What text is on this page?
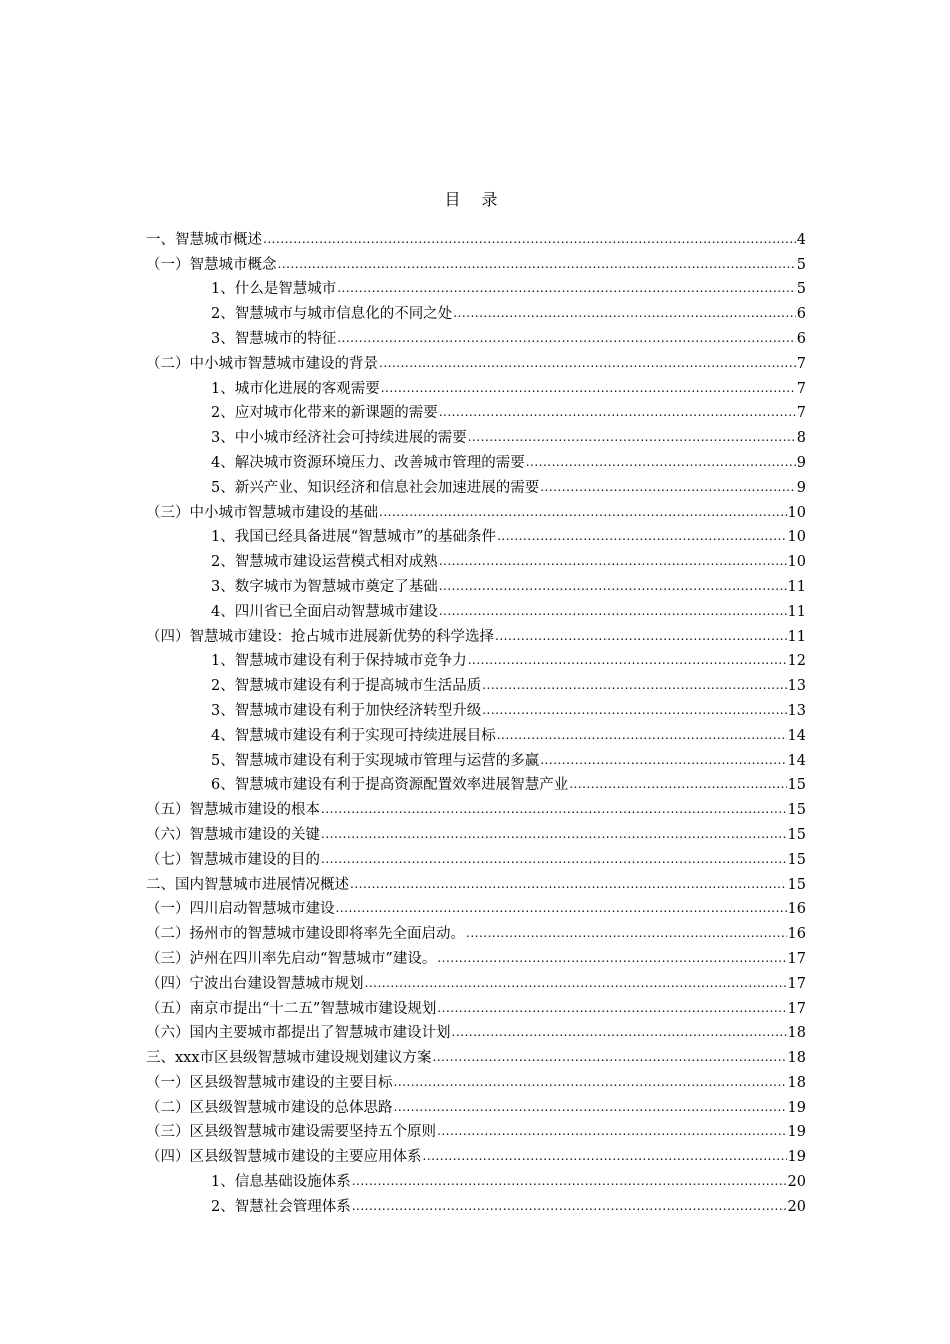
目 录
一、智慧城市概述 .....	4
（一）智慧城市概念 .....	5
1、什么是智慧城市 .....	5
2、智慧城市与城市信息化的不同之处 .....	6
3、智慧城市的特征 .....	6
（二）中小城市智慧城市建设的背景 .....	7
1、城市化进展的客观需要 .....	7
2、应对城市化带来的新课题的需要 .....	7
3、中小城市经济社会可持续进展的需要 .....	8
4、解决城市资源环境压力、改善城市管理的需要 .....	9
5、新兴产业、知识经济和信息社会加速进展的需要 .....	9
（三）中小城市智慧城市建设的基础 .....	10
1、我国已经具备进展“智慧城市”的基础条件 .....	10
2、智慧城市建设运营模式相对成熟 .....	10
3、数字城市为智慧城市奠定了基础 .....	11
4、四川省已全面启动智慧城市建设 .....	11
（四）智慧城市建设：抢占城市进展新优势的科学选择 .....	11
1、智慧城市建设有利于保持城市竞争力 .....	12
2、智慧城市建设有利于提高城市生活品质 .....	13
3、智慧城市建设有利于加快经济转型升级 .....	13
4、智慧城市建设有利于实现可持续进展目标 .....	14
5、智慧城市建设有利于实现城市管理与运营的多赢 .....	14
6、智慧城市建设有利于提高资源配置效率进展智慧产业 .....	15
（五）智慧城市建设的根本 .....	15
（六）智慧城市建设的关键 .....	15
（七）智慧城市建设的目的 .....	15
二、国内智慧城市进展情况概述 .....	15
（一）四川启动智慧城市建设 .....	16
（二）扬州市的智慧城市建设即将率先全面启动。 .....	16
（三）泸州在四川率先启动“智慧城市”建设。 .....	17
（四）宁波出台建设智慧城市规划 .....	17
（五）南京市提出“十二五”智慧城市建设规划 .....	17
（六）国内主要城市都提出了智慧城市建设计划 .....	18
三、xxx市区县级智慧城市建设规划建议方案 .....	18
（一）区县级智慧城市建设的主要目标 .....	18
（二）区县级智慧城市建设的总体思路 .....	19
（三）区县级智慧城市建设需要坚持五个原则 .....	19
（四）区县级智慧城市建设的主要应用体系 .....	19
1、信息基础设施体系 .....	20
2、智慧社会管理体系 .....	20
